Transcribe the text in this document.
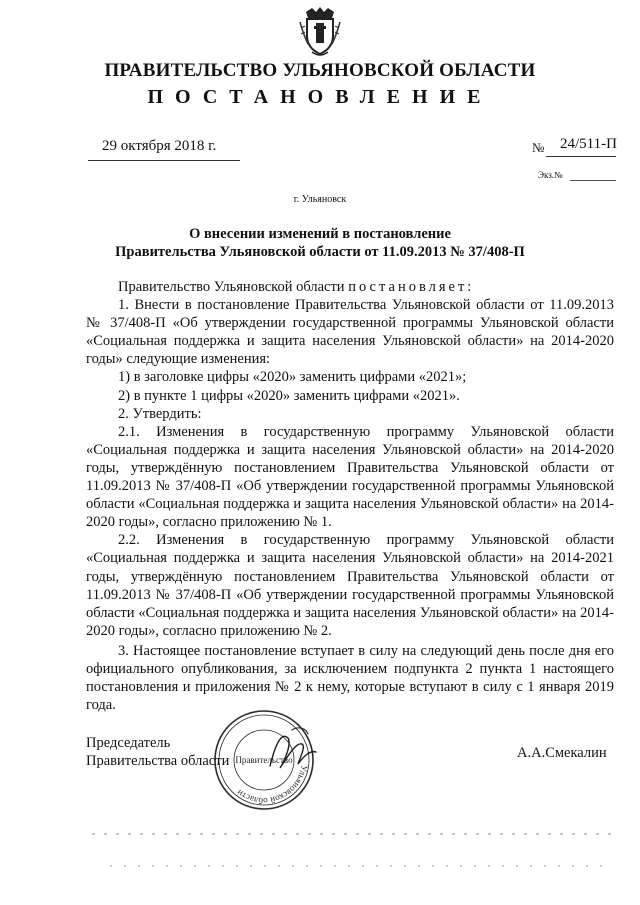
ПРАВИТЕЛЬСТВО УЛЬЯНОВСКОЙ ОБЛАСТИ
ПОСТАНОВЛЕНИЕ
29 октября 2018 г.	№ 24/511-П
Экз.№
г. Ульяновск
О внесении изменений в постановление
Правительства Ульяновской области от 11.09.2013 № 37/408-П

Правительство Ульяновской области постановляет:

1. Внести в постановление Правительства Ульяновской области от 11.09.2013 № 37/408-П «Об утверждении государственной программы Ульяновской области «Социальная поддержка и защита населения Ульяновской области» на 2014-2020 годы» следующие изменения:

1) в заголовке цифры «2020» заменить цифрами «2021»;

2) в пункте 1 цифры «2020» заменить цифрами «2021».

2. Утвердить:

2.1. Изменения в государственную программу Ульяновской области «Социальная поддержка и защита населения Ульяновской области» на 2014-2020 годы, утверждённую постановлением Правительства Ульяновской области от 11.09.2013 № 37/408-П «Об утверждении государственной программы Ульяновской области «Социальная поддержка и защита населения Ульяновской области» на 2014-2020 годы», согласно приложению № 1.

2.2. Изменения в государственную программу Ульяновской области «Социальная поддержка и защита населения Ульяновской области» на 2014-2021 годы, утверждённую постановлением Правительства Ульяновской области от 11.09.2013 № 37/408-П «Об утверждении государственной программы Ульяновской области «Социальная поддержка и защита населения Ульяновской области» на 2014-2020 годы», согласно приложению № 2.

3. Настоящее постановление вступает в силу на следующий день после дня его официального опубликования, за исключением подпункта 2 пункта 1 настоящего постановления и приложения № 2 к нему, которые вступают в силу с 1 января 2019 года.

Председатель
Правительства области	А.А.Смекалин
Ульяновской области
Правительство
